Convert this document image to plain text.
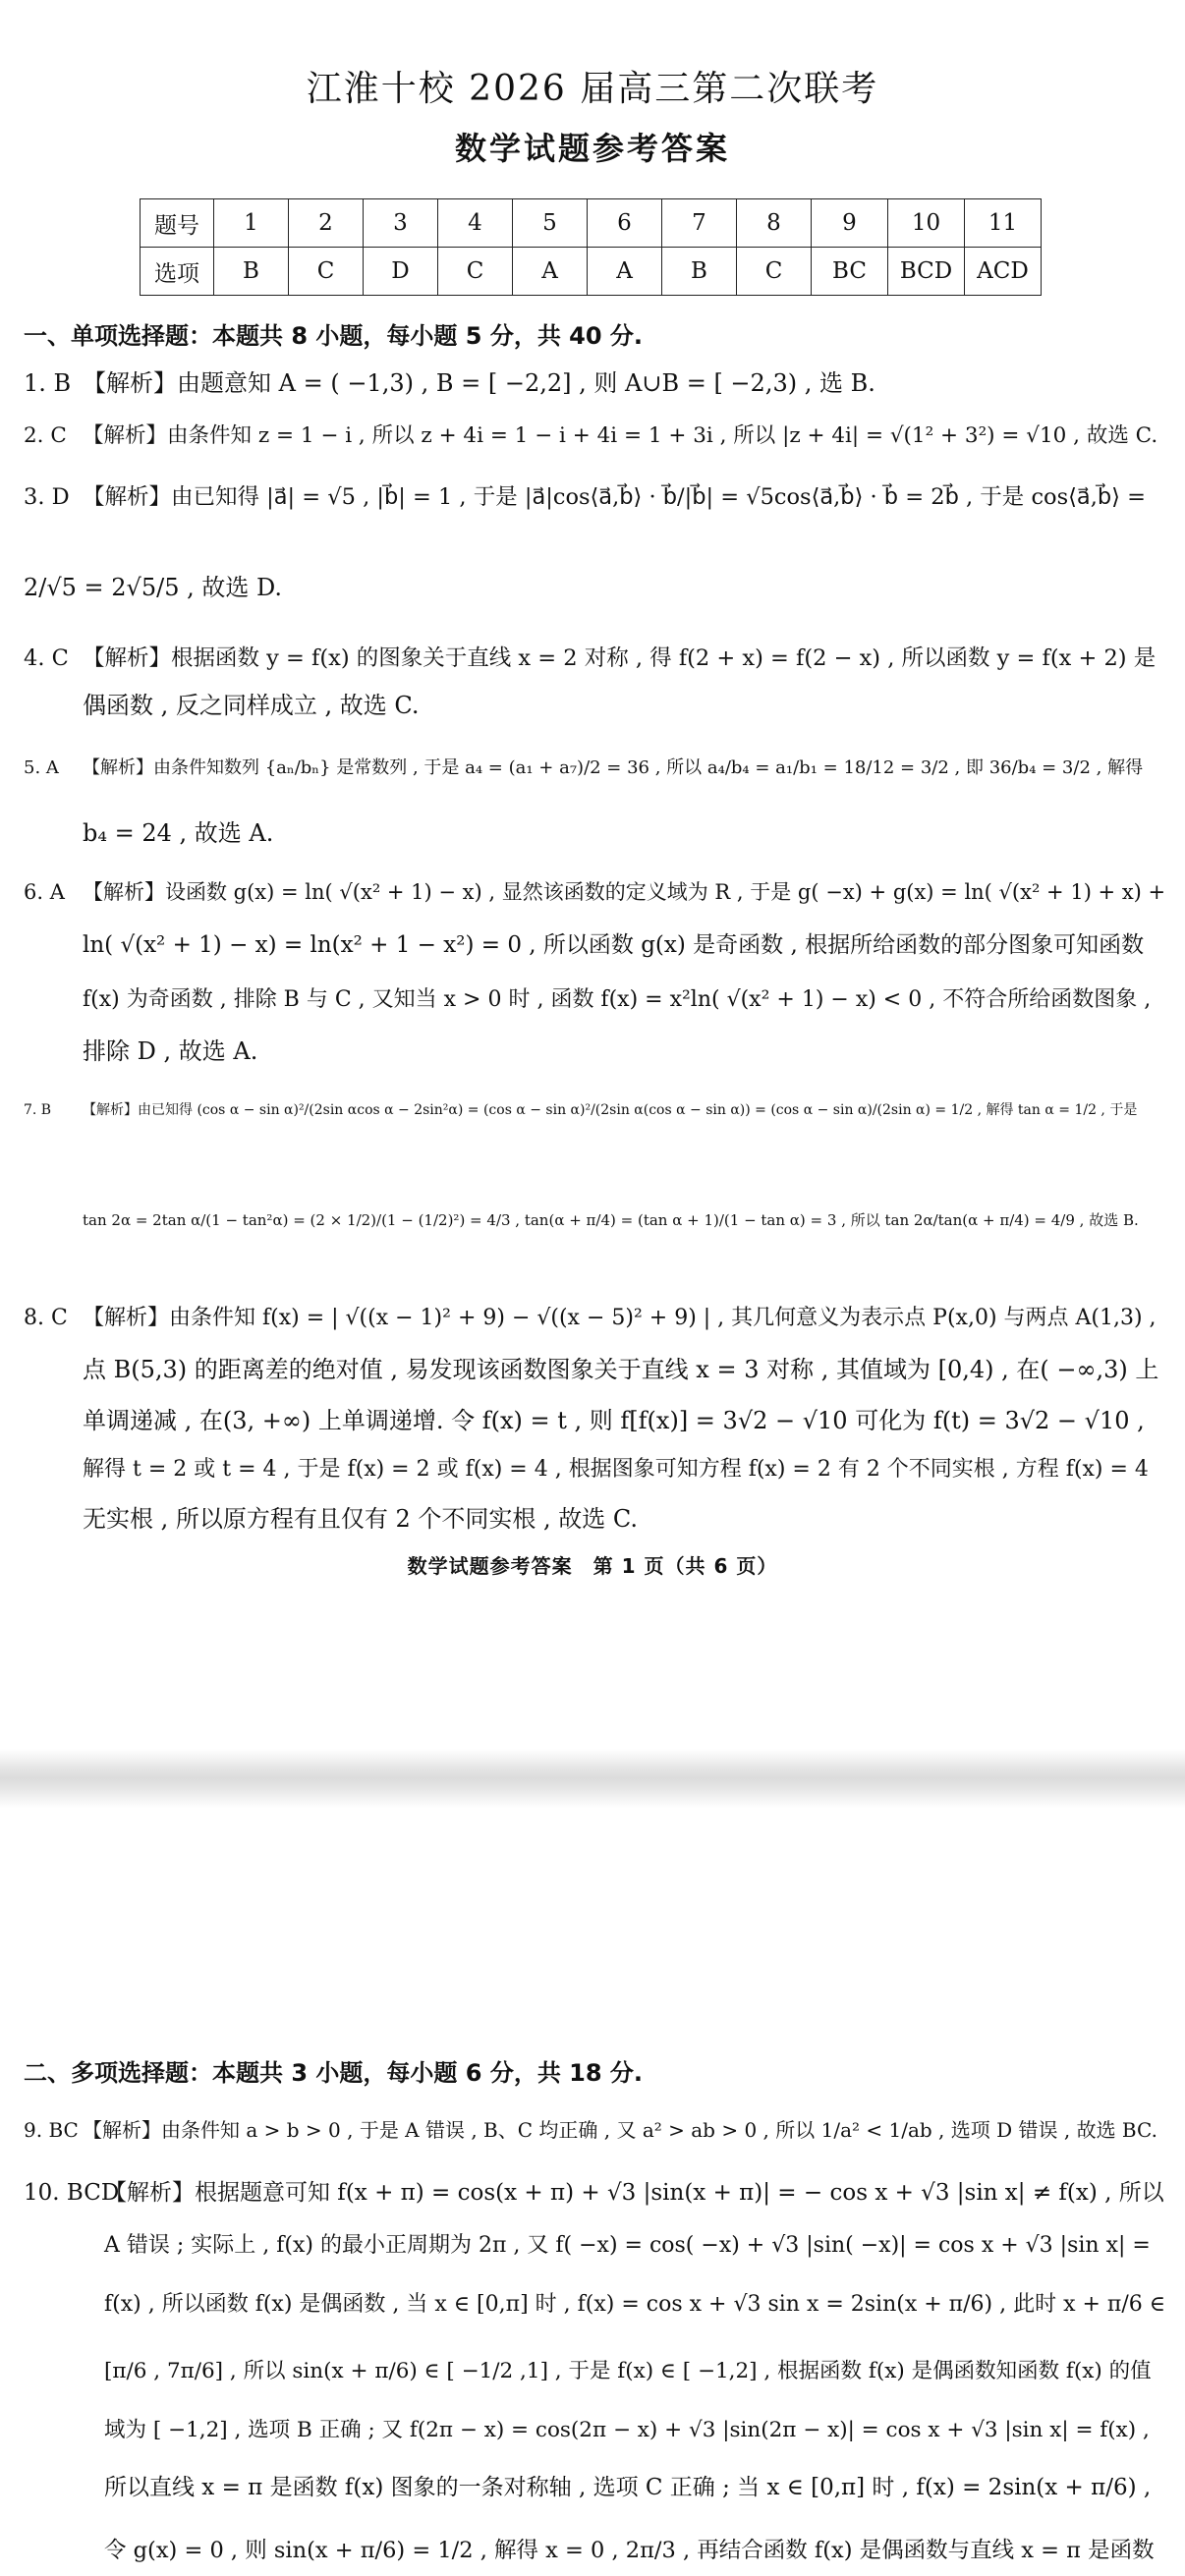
江淮十校 2026 届高三第二次联考
数学试题参考答案
题号	1	2	3	4	5	6	7	8	9	10	11
选项	B	C	D	C	A	A	B	C	BC	BCD	ACD
一、单项选择题：本题共 8 小题，每小题 5 分，共 40 分.
1. B 【解析】由题意知 A = ( −1,3) , B = [ −2,2] , 则 A∪B = [ −2,3) , 选 B.
2. C 【解析】由条件知 z = 1 − i , 所以 z + 4i = 1 − i + 4i = 1 + 3i , 所以 |z + 4i| = √(1² + 3²) = √10 , 故选 C.
3. D 【解析】由已知得 |a⃗| = √5 , |b⃗| = 1 , 于是 |a⃗|cos⟨a⃗,b⃗⟩ · b⃗/|b⃗| = √5cos⟨a⃗,b⃗⟩ · b⃗ = 2b⃗ , 于是 cos⟨a⃗,b⃗⟩ =
2/√5 = 2√5/5 , 故选 D.
4. C 【解析】根据函数 y = f(x) 的图象关于直线 x = 2 对称 , 得 f(2 + x) = f(2 − x) , 所以函数 y = f(x + 2) 是
偶函数 , 反之同样成立 , 故选 C.
5. A 【解析】由条件知数列 {aₙ/bₙ} 是常数列 , 于是 a₄ = (a₁ + a₇)/2 = 36 , 所以 a₄/b₄ = a₁/b₁ = 18/12 = 3/2 , 即 36/b₄ = 3/2 , 解得
b₄ = 24 , 故选 A.
6. A 【解析】设函数 g(x) = ln( √(x² + 1) − x) , 显然该函数的定义域为 R , 于是 g( −x) + g(x) = ln( √(x² + 1) + x) +
ln( √(x² + 1) − x) = ln(x² + 1 − x²) = 0 , 所以函数 g(x) 是奇函数 , 根据所给函数的部分图象可知函数
f(x) 为奇函数 , 排除 B 与 C , 又知当 x > 0 时 , 函数 f(x) = x²ln( √(x² + 1) − x) < 0 , 不符合所给函数图象 ,
排除 D , 故选 A.
7. B 【解析】由已知得 (cos α − sin α)²/(2sin αcos α − 2sin²α) = (cos α − sin α)²/(2sin α(cos α − sin α)) = (cos α − sin α)/(2sin α) = 1/2 , 解得 tan α = 1/2 , 于是
tan 2α = 2tan α/(1 − tan²α) = (2 × 1/2)/(1 − (1/2)²) = 4/3 , tan(α + π/4) = (tan α + 1)/(1 − tan α) = 3 , 所以 tan 2α/tan(α + π/4) = 4/9 , 故选 B.
8. C 【解析】由条件知 f(x) = | √((x − 1)² + 9) − √((x − 5)² + 9) | , 其几何意义为表示点 P(x,0) 与两点 A(1,3) ,
点 B(5,3) 的距离差的绝对值 , 易发现该函数图象关于直线 x = 3 对称 , 其值域为 [0,4) , 在( −∞,3) 上
单调递减 , 在(3, +∞) 上单调递增. 令 f(x) = t , 则 f[f(x)] = 3√2 − √10 可化为 f(t) = 3√2 − √10 ,
解得 t = 2 或 t = 4 , 于是 f(x) = 2 或 f(x) = 4 , 根据图象可知方程 f(x) = 2 有 2 个不同实根 , 方程 f(x) = 4
无实根 , 所以原方程有且仅有 2 个不同实根 , 故选 C.
数学试题参考答案　第 1 页（共 6 页）
二、多项选择题：本题共 3 小题，每小题 6 分，共 18 分.
9. BC 【解析】由条件知 a > b > 0 , 于是 A 错误 , B、C 均正确 , 又 a² > ab > 0 , 所以 1/a² < 1/ab , 选项 D 错误 , 故选 BC.
10. BCD【解析】根据题意可知 f(x + π) = cos(x + π) + √3 |sin(x + π)| = − cos x + √3 |sin x| ≠ f(x) , 所以
A 错误 ; 实际上 , f(x) 的最小正周期为 2π , 又 f( −x) = cos( −x) + √3 |sin( −x)| = cos x + √3 |sin x| =
f(x) , 所以函数 f(x) 是偶函数 , 当 x ∈ [0,π] 时 , f(x) = cos x + √3 sin x = 2sin(x + π/6) , 此时 x + π/6 ∈
[π/6 , 7π/6] , 所以 sin(x + π/6) ∈ [ −1/2 ,1] , 于是 f(x) ∈ [ −1,2] , 根据函数 f(x) 是偶函数知函数 f(x) 的值
域为 [ −1,2] , 选项 B 正确 ; 又 f(2π − x) = cos(2π − x) + √3 |sin(2π − x)| = cos x + √3 |sin x| = f(x) ,
所以直线 x = π 是函数 f(x) 图象的一条对称轴 , 选项 C 正确 ; 当 x ∈ [0,π] 时 , f(x) = 2sin(x + π/6) ,
令 g(x) = 0 , 则 sin(x + π/6) = 1/2 , 解得 x = 0 , 2π/3 , 再结合函数 f(x) 是偶函数与直线 x = π 是函数
